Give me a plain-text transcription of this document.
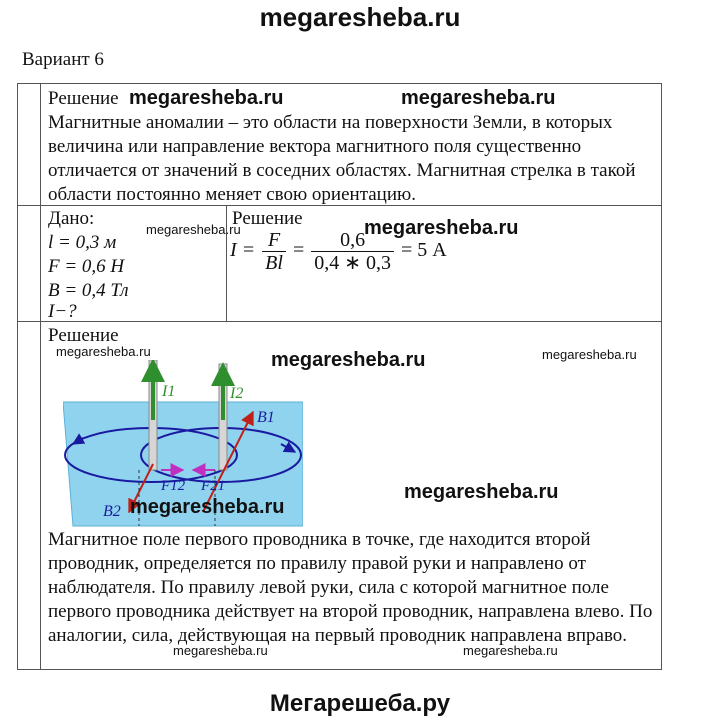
megaresheba.ru
Вариант 6
Решение
Магнитные аномалии – это области на поверхности Земли, в которых величина или направление вектора магнитного поля существенно отличается от значений в соседних областях. Магнитная стрелка в такой области постоянно меняет свою ориентацию.
Дано:
l = 0,3 м
F = 0,6 Н
B = 0,4 Тл
I−?
Решение
$I = \frac{F}{Bl} = \frac{0,6}{0,4 ∗ 0,3} = 5$ А
Решение
I1	I2
B1
B2
F12 F21
Магнитное поле первого проводника в точке, где находится второй проводник, определяется по правилу правой руки и направлено от наблюдателя. По правилу левой руки, сила с которой магнитное поле первого проводника действует на второй проводник, направлена влево. По аналогии, сила, действующая на первый проводник направлена вправо.
megaresheba.ru	megaresheba.ru
megaresheba.ru
megaresheba.ru
megaresheba.ru	megaresheba.ru	megaresheba.ru
megaresheba.ru
megaresheba.ru
megaresheba.ru	megaresheba.ru
Мегарешеба.ру
